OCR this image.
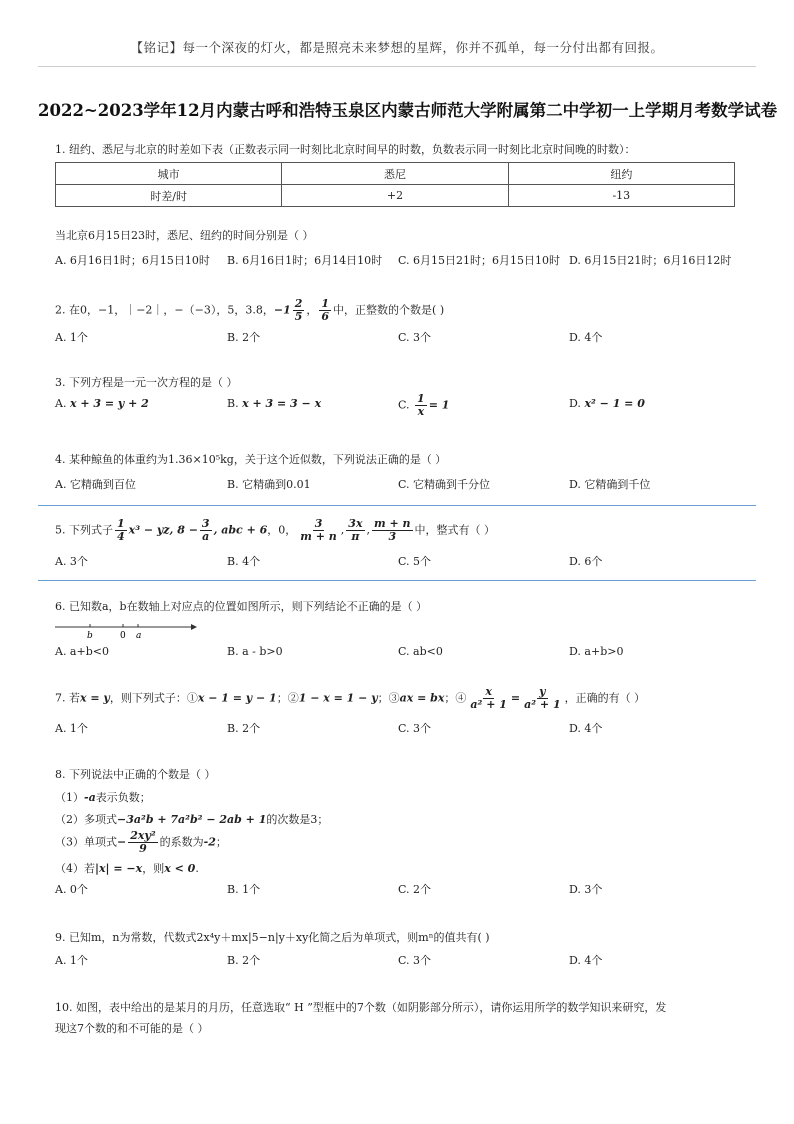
【铭记】每一个深夜的灯火，都是照亮未来梦想的星辉，你并不孤单，每一分付出都有回报。
2022~2023学年12月内蒙古呼和浩特玉泉区内蒙古师范大学附属第二中学初一上学期月考数学试卷
1. 纽约、悉尼与北京的时差如下表（正数表示同一时刻比北京时间早的时数，负数表示同一时刻比北京时间晚的时数）：
城市	悉尼	纽约
时差/时	+2	-13
当北京6月15日23时，悉尼、纽约的时间分别是（ ）
A. 6月16日1时；6月15日10时 B. 6月16日1时；6月14日10时 C. 6月15日21时；6月15日10时 D. 6月15日21时；6月16日12时
2. 在0，−1，｜−2｜，−（−3），5，3.8，$-1 \frac{2}{5}$ ， $\frac{1}{6}$ 中，正整数的个数是( )
A. 1个	B. 2个	C. 3个	D. 4个
3. 下列方程是一元一次方程的是（ ）
A. x + 3 = y + 2	B. x + 3 = 3 − x	C. $\frac{1}{x} = 1$	D. x² − 1 = 0
4. 某种鲸鱼的体重约为1.36×10⁵kg，关于这个近似数，下列说法正确的是（ ）
A. 它精确到百位	B. 它精确到0.01	C. 它精确到千分位	D. 它精确到千位
5. 下列式子 $\frac{1}{4} x^3$ − yz, $8 - \frac{3}{a}$ , abc + 6，0， $\frac{3}{m + n}$ , $\frac{3x}{\pi}$ , $\frac{m + n}{3}$ 中，整式有（ ）
A. 3个	B. 4个	C. 5个	D. 6个
6. 已知数a，b在数轴上对应点的位置如图所示，则下列结论不正确的是（ ）
b	0 a
A. a+b<0	B. a - b>0	C. ab<0	D. a+b>0
7. 若x = y，则下列式子：①x − 1 = y − 1；②1 − x = 1 − y；③ax = bx；④ $\frac{x}{\text{a² + 1}} = \frac{y}{\text{a² + 1}}$ ，正确的有（ ）
A. 1个	B. 2个	C. 3个	D. 4个
8. 下列说法中正确的个数是（ ）
（1）-a表示负数；
（2）多项式−3a²b + 7a²b² − 2ab + 1的次数是3；
（3）单项式− $\frac{\text{2xy²}}{9}$ 的系数为-2；
（4）若|x| = −x，则x < 0.
A. 0个	B. 1个	C. 2个	D. 3个
9. 已知m，n为常数，代数式2x⁴y＋mx|5−n|y＋xy化简之后为单项式，则mⁿ的值共有( )
A. 1个	B. 2个	C. 3个	D. 4个
10. 如图，表中给出的是某月的月历，任意选取“ H ”型框中的7个数（如阴影部分所示），请你运用所学的数学知识来研究，发
现这7个数的和不可能的是（ ）
